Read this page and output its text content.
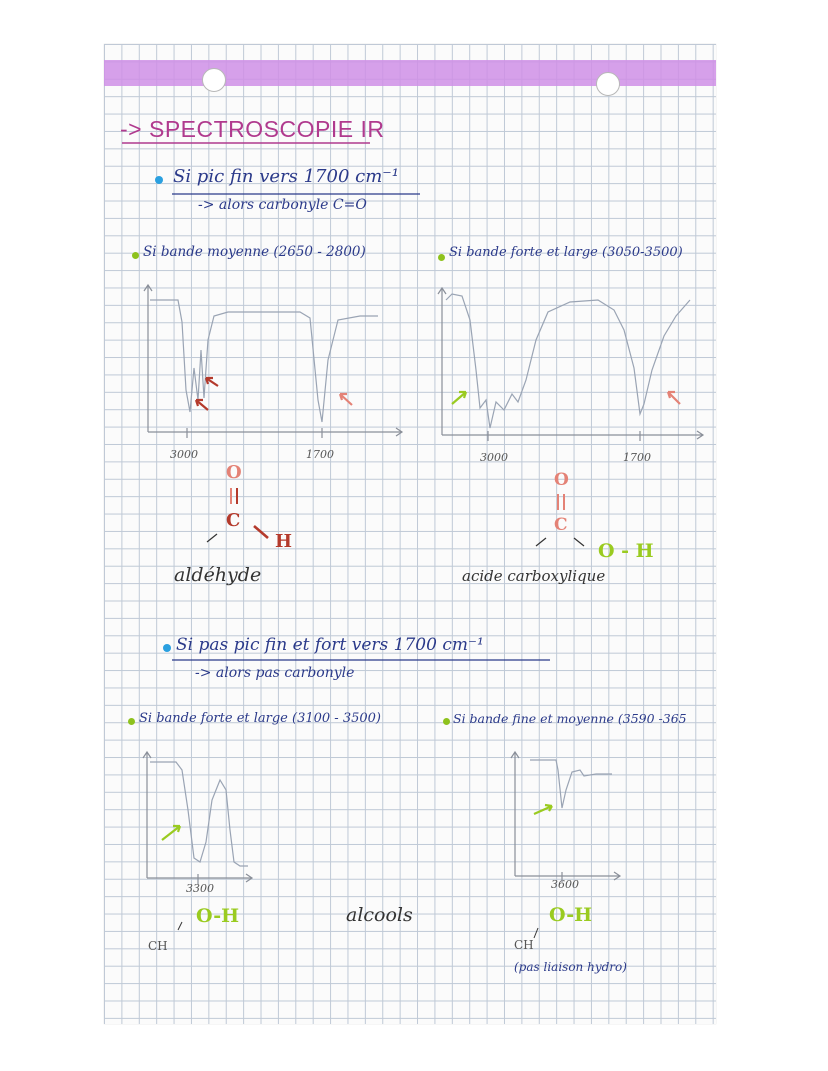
-> SPECTROSCOPIE IR
Si pic fin vers 1700 cm⁻¹
-> alors carbonyle C=O
Si bande moyenne (2650 - 2800)	Si bande forte et large (3050-3500)
3000	1700	3000	1700
O
C
H
aldéhyde
O
C
O - H
acide carboxylique
Si pas pic fin et fort vers 1700 cm⁻¹
-> alors pas carbonyle
Si bande forte et large (3100 - 3500)	Si bande fine et moyenne (3590 -365
3300	3600
O-H
CH
alcools	O-H
CH
(pas liaison hydro)
